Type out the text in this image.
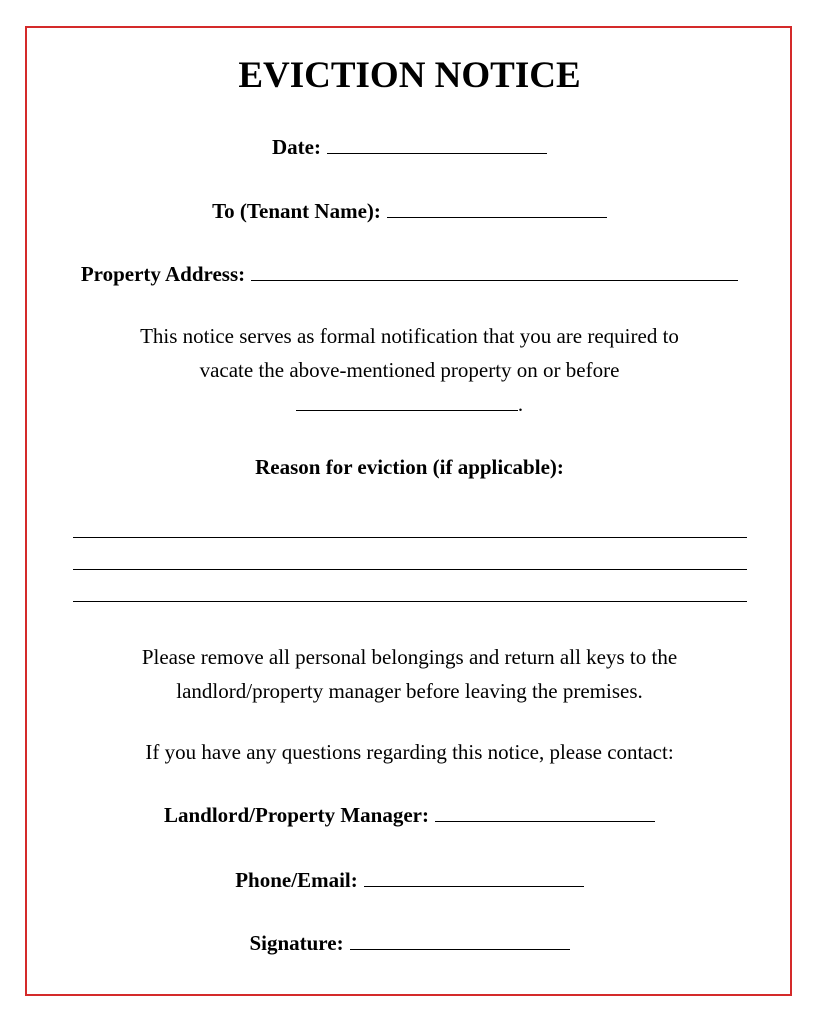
EVICTION NOTICE
Date:
To (Tenant Name):
Property Address:
This notice serves as formal notification that you are required to
vacate the above-mentioned property on or before
.
Reason for eviction (if applicable):
Please remove all personal belongings and return all keys to the
landlord/property manager before leaving the premises.
If you have any questions regarding this notice, please contact:
Landlord/Property Manager:
Phone/Email:
Signature:
